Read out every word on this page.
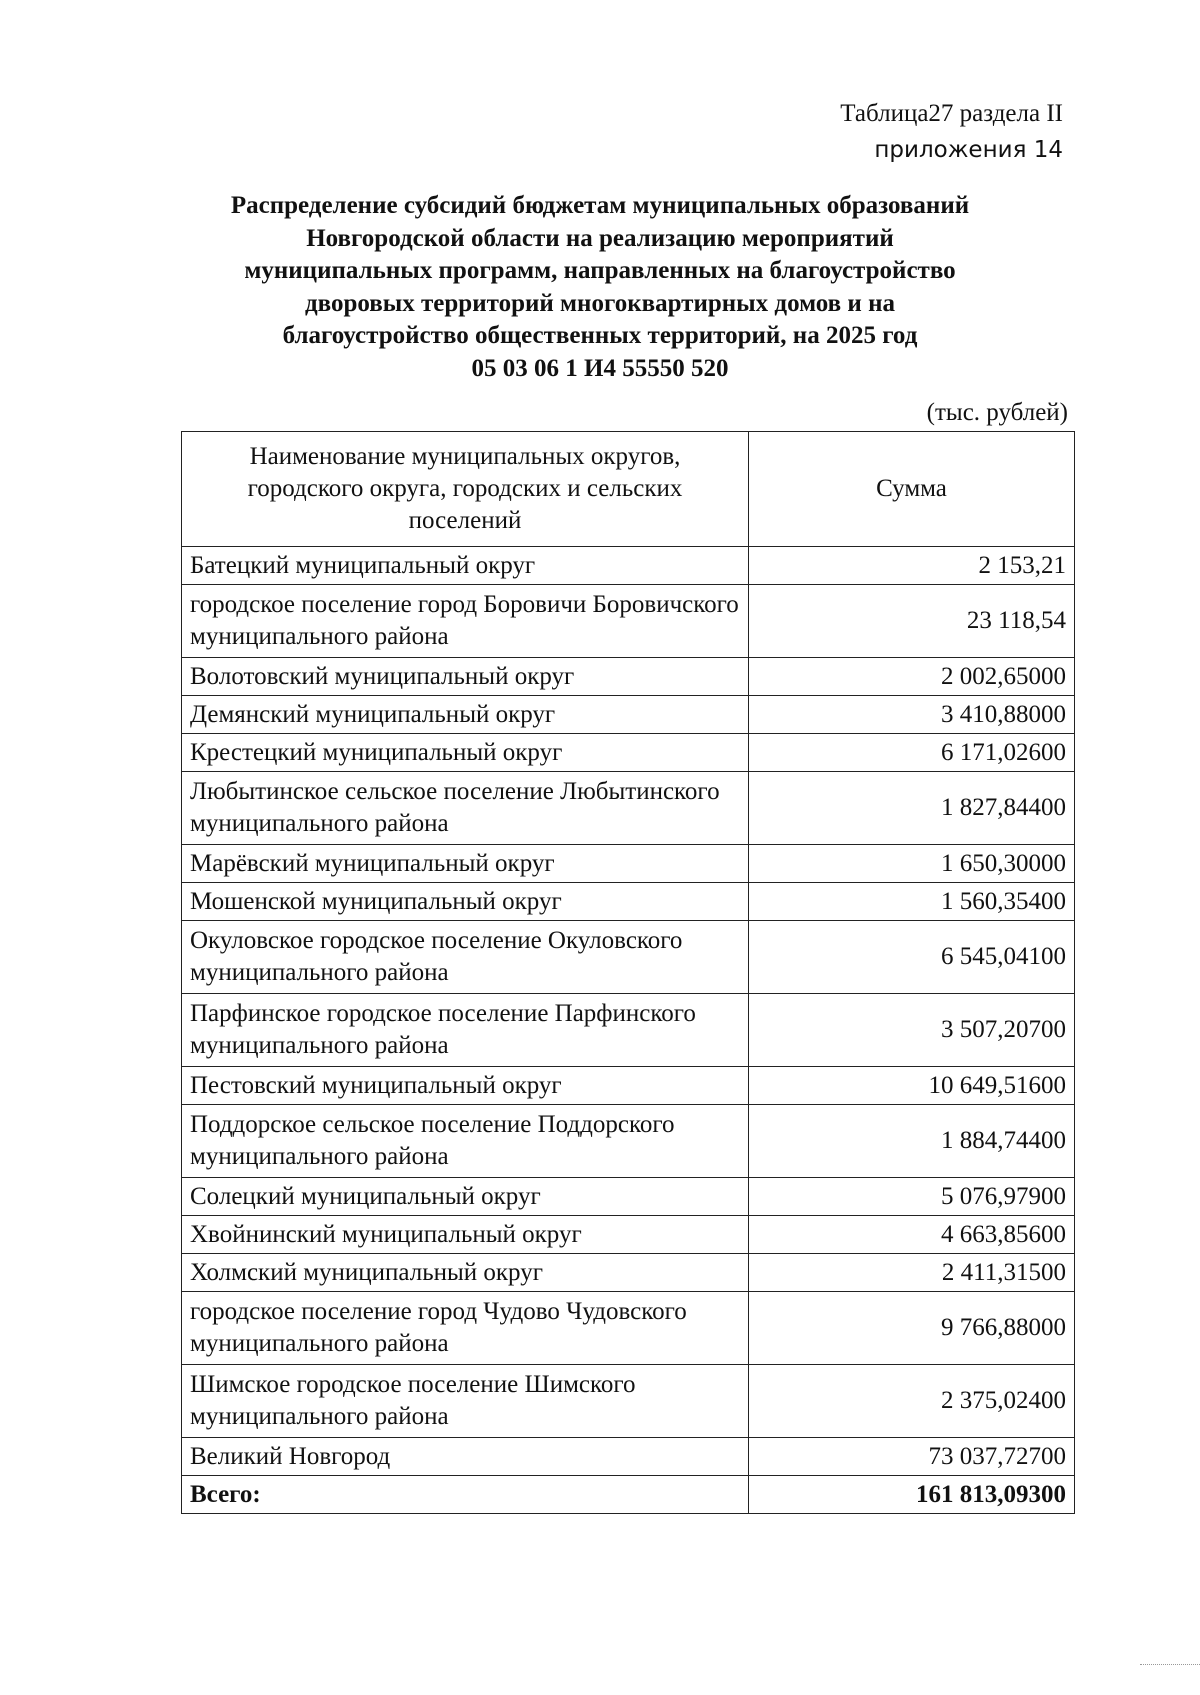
Таблица27 раздела II
приложения 14
Распределение субсидий бюджетам муниципальных образований
Новгородской области на реализацию мероприятий
муниципальных программ, направленных на благоустройство
дворовых территорий многоквартирных домов и на
благоустройство общественных территорий, на 2025 год
05 03 06 1 И4 55550 520
(тыс. рублей)
Наименование муниципальных округов, городского округа, городских и сельских поселений	Сумма
Батецкий муниципальный округ	2 153,21
городское поселение город Боровичи Боровичского муниципального района	23 118,54
Волотовский муниципальный округ	2 002,65000
Демянский муниципальный округ	3 410,88000
Крестецкий муниципальный округ	6 171,02600
Любытинское сельское поселение Любытинского муниципального района	1 827,84400
Марёвский муниципальный округ	1 650,30000
Мошенской муниципальный округ	1 560,35400
Окуловское городское поселение Окуловского муниципального района	6 545,04100
Парфинское городское поселение Парфинского муниципального района	3 507,20700
Пестовский муниципальный округ	10 649,51600
Поддорское сельское поселение Поддорского муниципального района	1 884,74400
Солецкий муниципальный округ	5 076,97900
Хвойнинский муниципальный округ	4 663,85600
Холмский муниципальный округ	2 411,31500
городское поселение город Чудово Чудовского муниципального района	9 766,88000
Шимское городское поселение Шимского муниципального района	2 375,02400
Великий Новгород	73 037,72700
Всего:	161 813,09300
